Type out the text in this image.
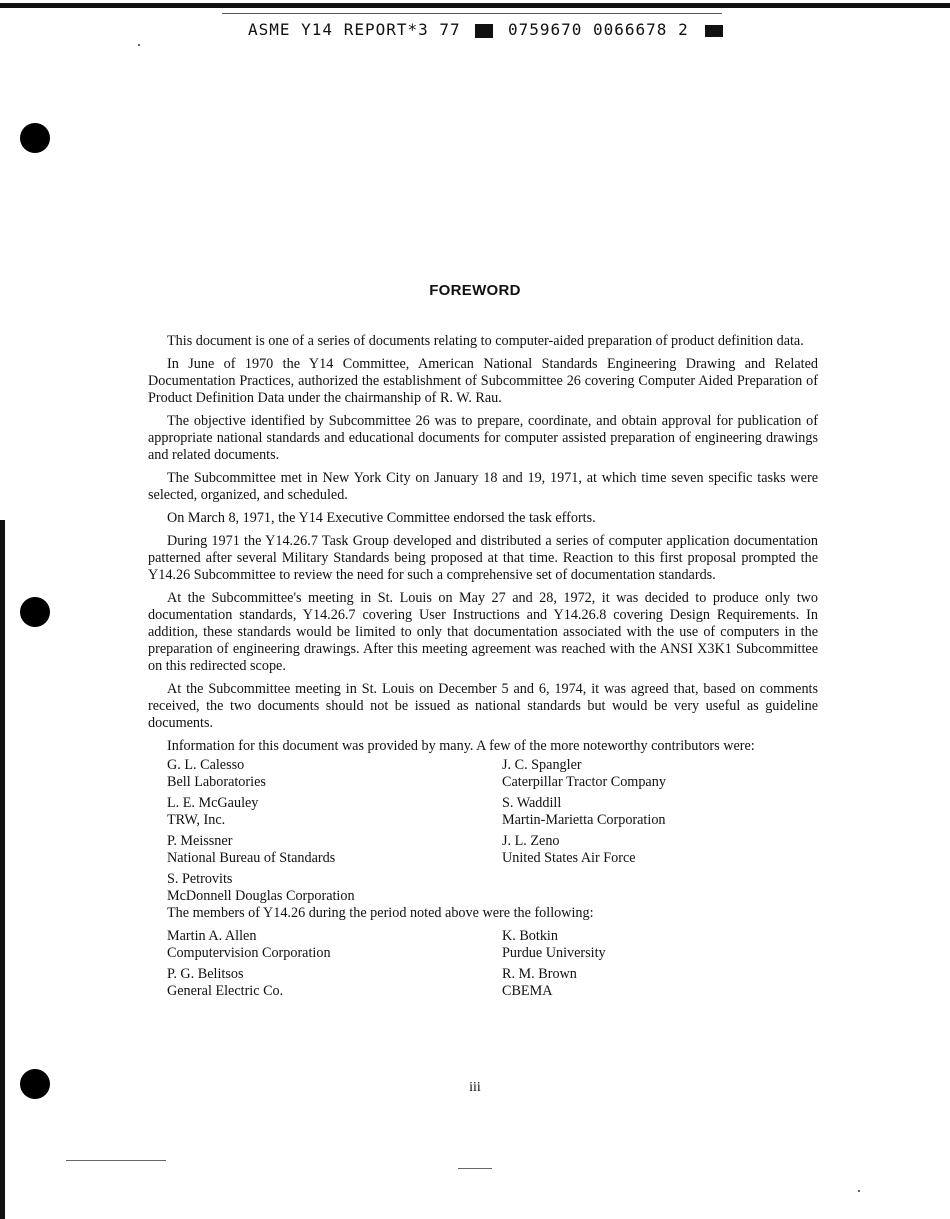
ASME Y14 REPORT*3 77	0759670 0066678 2
FOREWORD

This document is one of a series of documents relating to computer-aided preparation of product definition data.

In June of 1970 the Y14 Committee, American National Standards Engineering Drawing and Related Documentation Practices, authorized the establishment of Subcommittee 26 covering Computer Aided Preparation of Product Definition Data under the chairmanship of R. W. Rau.

The objective identified by Subcommittee 26 was to prepare, coordinate, and obtain approval for publication of appropriate national standards and educational documents for computer assisted preparation of engineering drawings and related documents.

The Subcommittee met in New York City on January 18 and 19, 1971, at which time seven specific tasks were selected, organized, and scheduled.

On March 8, 1971, the Y14 Executive Committee endorsed the task efforts.

During 1971 the Y14.26.7 Task Group developed and distributed a series of computer application documentation patterned after several Military Standards being proposed at that time. Reaction to this first proposal prompted the Y14.26 Subcommittee to review the need for such a comprehensive set of documentation standards.

At the Subcommittee's meeting in St. Louis on May 27 and 28, 1972, it was decided to produce only two documentation standards, Y14.26.7 covering User Instructions and Y14.26.8 covering Design Requirements. In addition, these standards would be limited to only that documentation associated with the use of computers in the preparation of engineering drawings. After this meeting agreement was reached with the ANSI X3K1 Subcommittee on this redirected scope.

At the Subcommittee meeting in St. Louis on December 5 and 6, 1974, it was agreed that, based on comments received, the two documents should not be issued as national standards but would be very useful as guideline documents.

Information for this document was provided by many. A few of the more noteworthy contributors were:

G. L. Calesso
Bell Laboratories
J. C. Spangler
Caterpillar Tractor Company
L. E. McGauley
TRW, Inc.
S. Waddill
Martin-Marietta Corporation
P. Meissner
National Bureau of Standards
J. L. Zeno
United States Air Force
S. Petrovits
McDonnell Douglas Corporation

The members of Y14.26 during the period noted above were the following:

Martin A. Allen
Computervision Corporation
K. Botkin
Purdue University
P. G. Belitsos
General Electric Co.
R. M. Brown
CBEMA
iii
